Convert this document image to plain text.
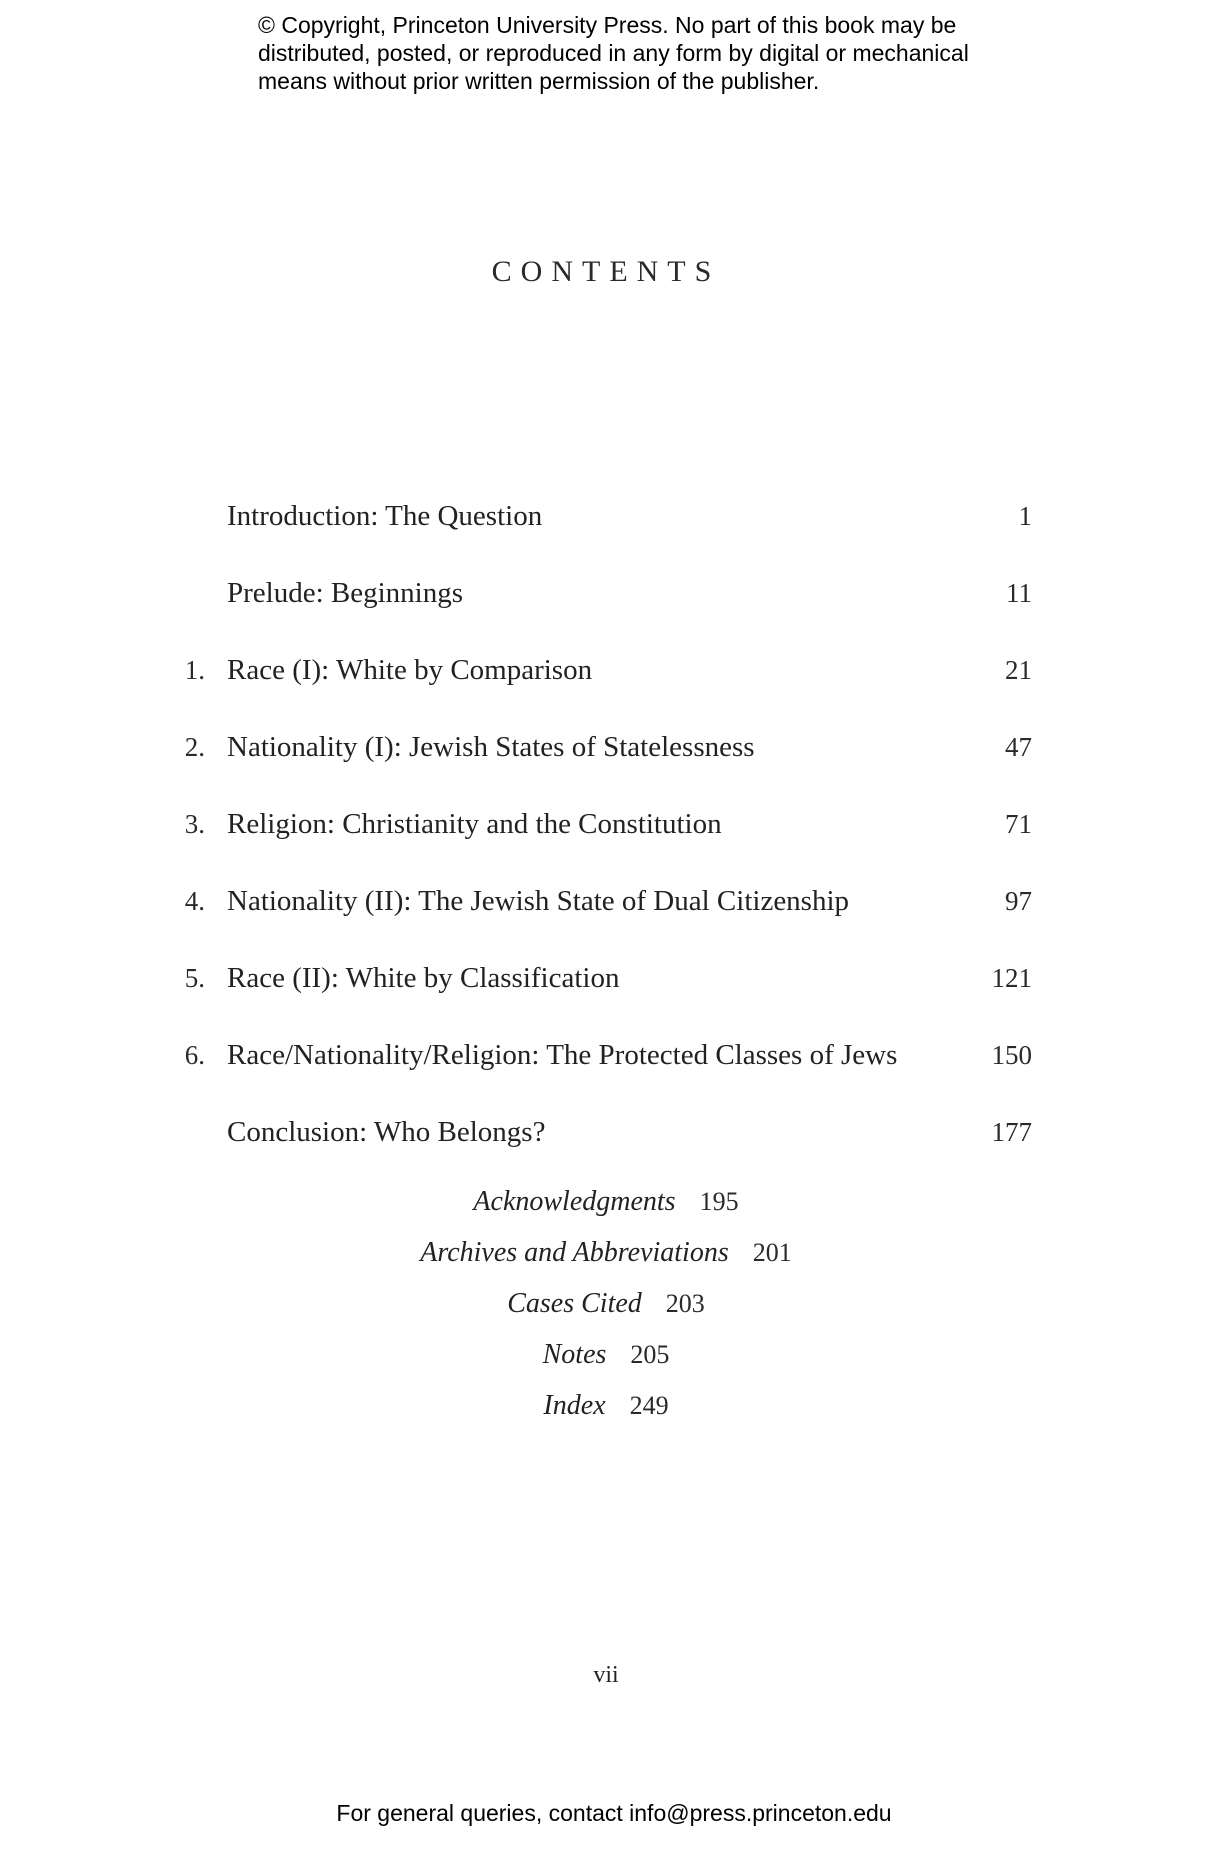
© Copyright, Princeton University Press. No part of this book may be
distributed, posted, or reproduced in any form by digital or mechanical
means without prior written permission of the publisher.
CONTENTS
Introduction: The Question	1
Prelude: Beginnings	11
1. Race (I): White by Comparison	21
2. Nationality (I): Jewish States of Statelessness	47
3. Religion: Christianity and the Constitution	71
4. Nationality (II): The Jewish State of Dual Citizenship	97
5. Race (II): White by Classification	121
6. Race/Nationality/Religion: The Protected Classes of Jews	150
Conclusion: Who Belongs?	177
Acknowledgments 195
Archives and Abbreviations 201
Cases Cited 203
Notes 205
Index 249
vii
For general queries, contact info@press.princeton.edu
